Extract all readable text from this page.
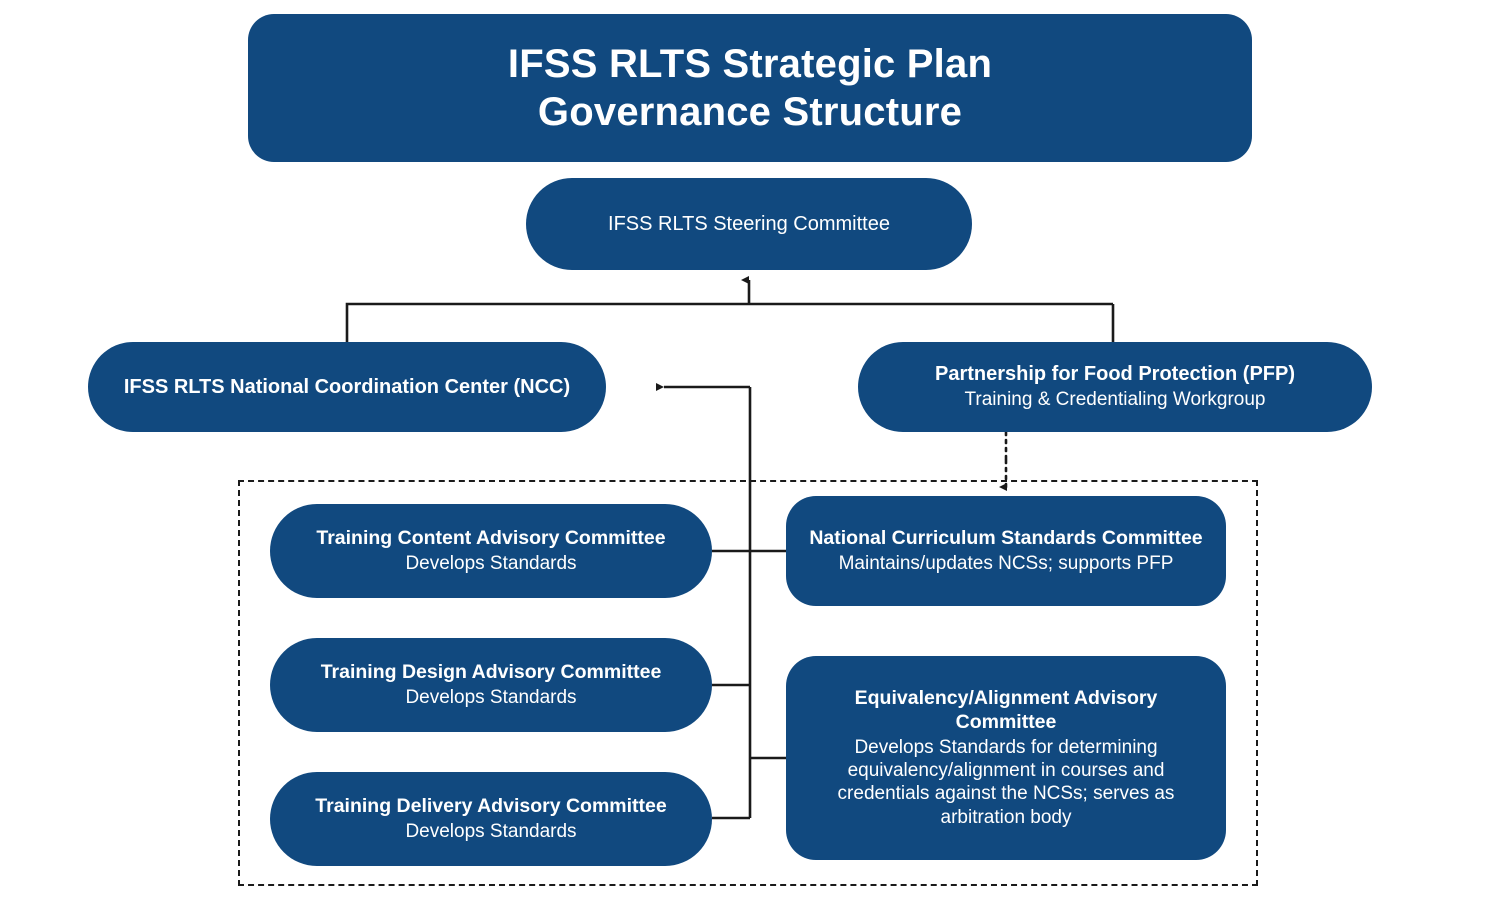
IFSS RLTS Strategic Plan
Governance Structure
IFSS RLTS Steering Committee
IFSS RLTS National Coordination Center (NCC)
Partnership for Food Protection (PFP)
Training & Credentialing Workgroup
Training Content Advisory Committee
Develops Standards
Training Design Advisory Committee
Develops Standards
Training Delivery Advisory Committee
Develops Standards
National Curriculum Standards Committee
Maintains/updates NCSs; supports PFP
Equivalency/Alignment Advisory Committee
Develops Standards for determining equivalency/alignment in courses and credentials against the NCSs; serves as arbitration body
